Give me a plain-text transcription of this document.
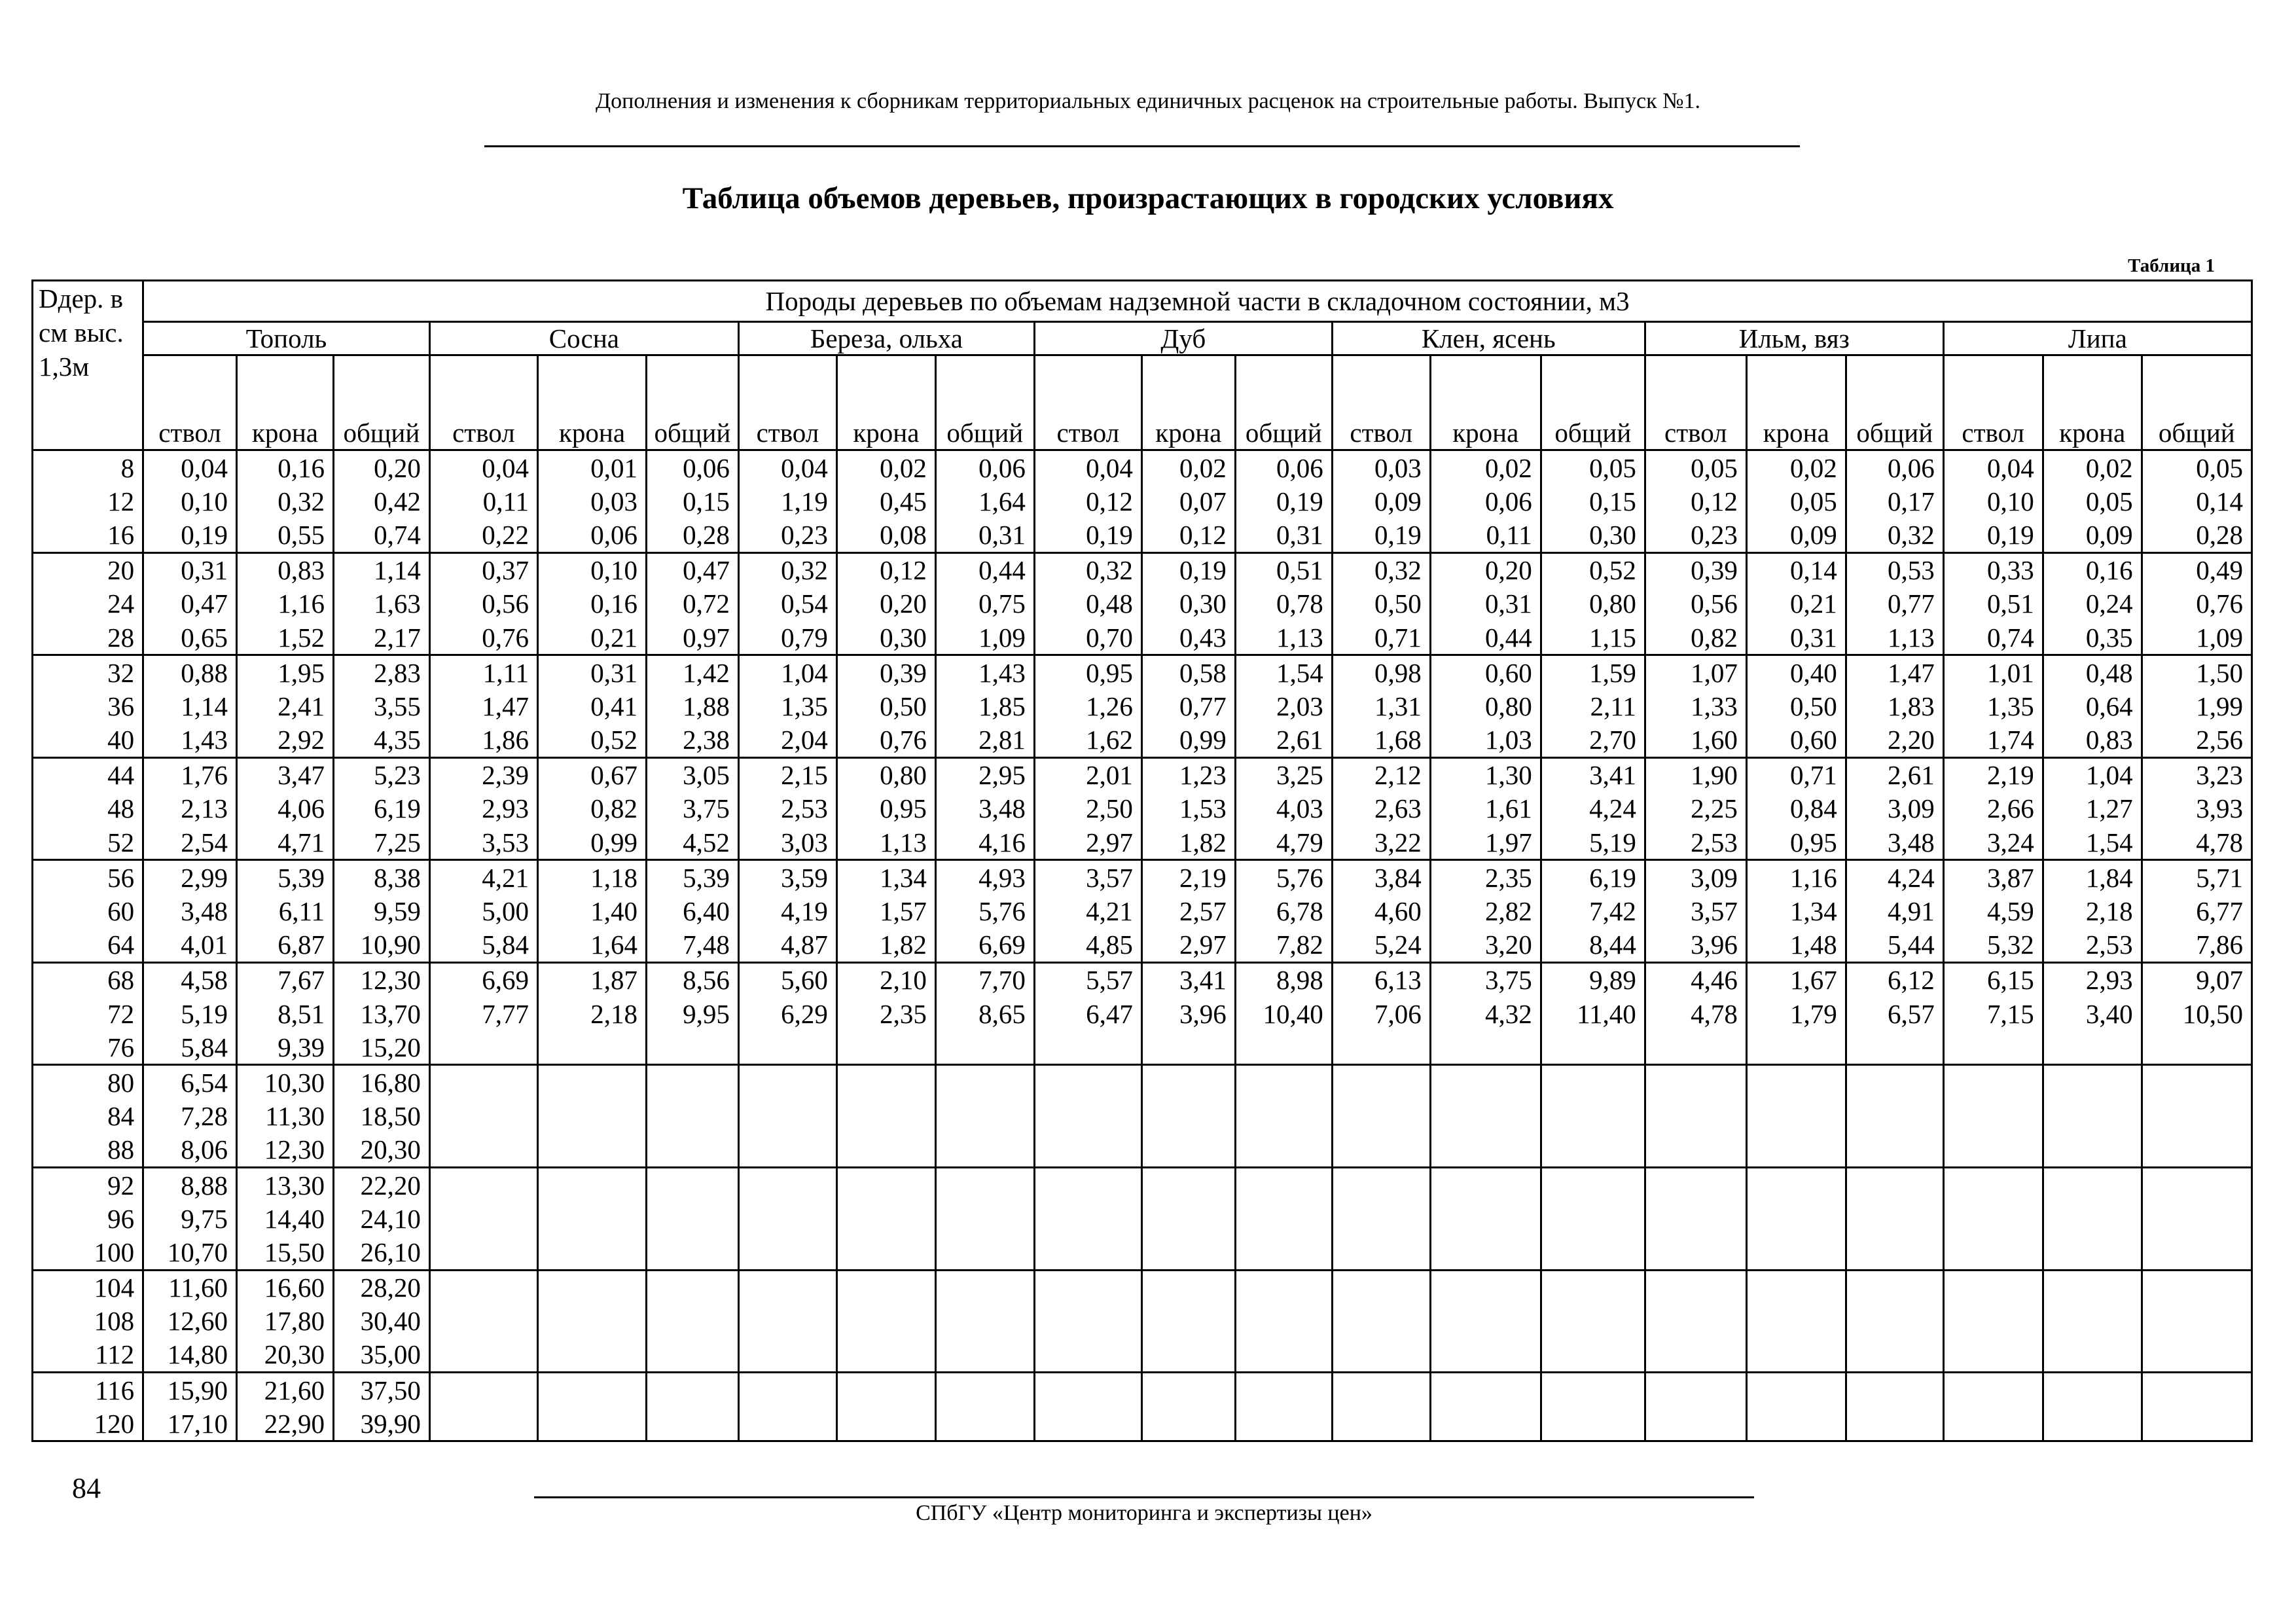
Дополнения и изменения к сборникам территориальных единичных расценок на строительные работы. Выпуск №1.
Таблица объемов деревьев, произрастающих в городских условиях
Таблица 1
Dдер. в см выс. 1,3м	Породы деревьев по объемам надземной части в складочном состоянии, м3																				
	Тополь			Сосна			Береза, ольха			Дуб			Клен, ясень			Ильм, вяз			Липа		
	ствол	крона	общий	ствол	крона	общий	ствол	крона	общий	ствол	крона	общий	ствол	крона	общий	ствол	крона	общий	ствол	крона	общий
8	0,04	0,16	0,20	0,04	0,01	0,06	0,04	0,02	0,06	0,04	0,02	0,06	0,03	0,02	0,05	0,05	0,02	0,06	0,04	0,02	0,05
12	0,10	0,32	0,42	0,11	0,03	0,15	1,19	0,45	1,64	0,12	0,07	0,19	0,09	0,06	0,15	0,12	0,05	0,17	0,10	0,05	0,14
16	0,19	0,55	0,74	0,22	0,06	0,28	0,23	0,08	0,31	0,19	0,12	0,31	0,19	0,11	0,30	0,23	0,09	0,32	0,19	0,09	0,28
20	0,31	0,83	1,14	0,37	0,10	0,47	0,32	0,12	0,44	0,32	0,19	0,51	0,32	0,20	0,52	0,39	0,14	0,53	0,33	0,16	0,49
24	0,47	1,16	1,63	0,56	0,16	0,72	0,54	0,20	0,75	0,48	0,30	0,78	0,50	0,31	0,80	0,56	0,21	0,77	0,51	0,24	0,76
28	0,65	1,52	2,17	0,76	0,21	0,97	0,79	0,30	1,09	0,70	0,43	1,13	0,71	0,44	1,15	0,82	0,31	1,13	0,74	0,35	1,09
32	0,88	1,95	2,83	1,11	0,31	1,42	1,04	0,39	1,43	0,95	0,58	1,54	0,98	0,60	1,59	1,07	0,40	1,47	1,01	0,48	1,50
36	1,14	2,41	3,55	1,47	0,41	1,88	1,35	0,50	1,85	1,26	0,77	2,03	1,31	0,80	2,11	1,33	0,50	1,83	1,35	0,64	1,99
40	1,43	2,92	4,35	1,86	0,52	2,38	2,04	0,76	2,81	1,62	0,99	2,61	1,68	1,03	2,70	1,60	0,60	2,20	1,74	0,83	2,56
44	1,76	3,47	5,23	2,39	0,67	3,05	2,15	0,80	2,95	2,01	1,23	3,25	2,12	1,30	3,41	1,90	0,71	2,61	2,19	1,04	3,23
48	2,13	4,06	6,19	2,93	0,82	3,75	2,53	0,95	3,48	2,50	1,53	4,03	2,63	1,61	4,24	2,25	0,84	3,09	2,66	1,27	3,93
52	2,54	4,71	7,25	3,53	0,99	4,52	3,03	1,13	4,16	2,97	1,82	4,79	3,22	1,97	5,19	2,53	0,95	3,48	3,24	1,54	4,78
56	2,99	5,39	8,38	4,21	1,18	5,39	3,59	1,34	4,93	3,57	2,19	5,76	3,84	2,35	6,19	3,09	1,16	4,24	3,87	1,84	5,71
60	3,48	6,11	9,59	5,00	1,40	6,40	4,19	1,57	5,76	4,21	2,57	6,78	4,60	2,82	7,42	3,57	1,34	4,91	4,59	2,18	6,77
64	4,01	6,87	10,90	5,84	1,64	7,48	4,87	1,82	6,69	4,85	2,97	7,82	5,24	3,20	8,44	3,96	1,48	5,44	5,32	2,53	7,86
68	4,58	7,67	12,30	6,69	1,87	8,56	5,60	2,10	7,70	5,57	3,41	8,98	6,13	3,75	9,89	4,46	1,67	6,12	6,15	2,93	9,07
72	5,19	8,51	13,70	7,77	2,18	9,95	6,29	2,35	8,65	6,47	3,96	10,40	7,06	4,32	11,40	4,78	1,79	6,57	7,15	3,40	10,50
76	5,84	9,39	15,20																		
80	6,54	10,30	16,80																		
84	7,28	11,30	18,50																		
88	8,06	12,30	20,30																		
92	8,88	13,30	22,20																		
96	9,75	14,40	24,10																		
100	10,70	15,50	26,10																		
104	11,60	16,60	28,20																		
108	12,60	17,80	30,40																		
112	14,80	20,30	35,00																		
116	15,90	21,60	37,50																		
120	17,10	22,90	39,90																		
84
СПбГУ «Центр мониторинга и экспертизы цен»
